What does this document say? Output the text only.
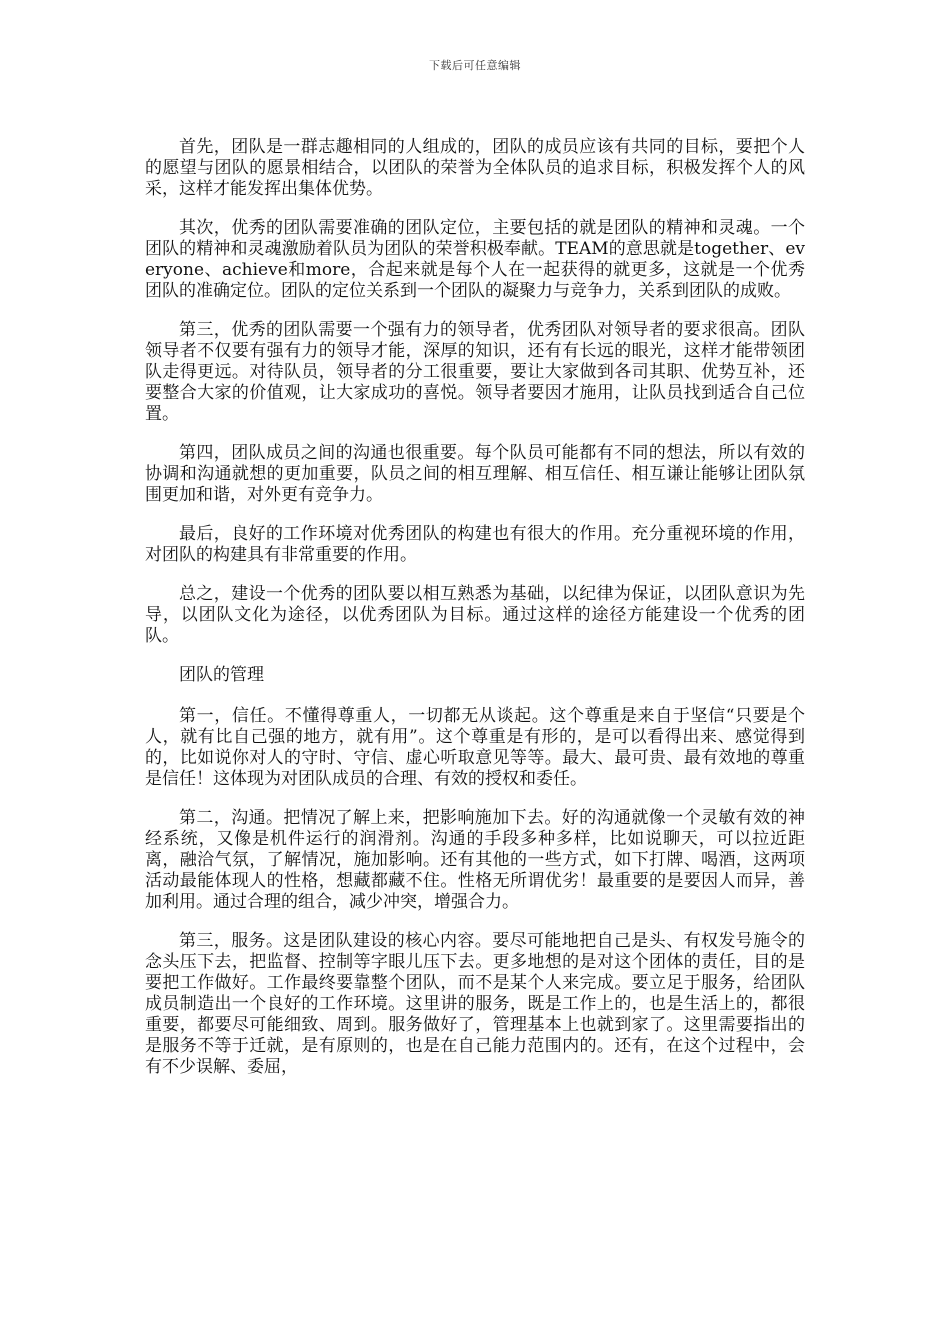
下载后可任意编辑

首先，团队是一群志趣相同的人组成的，团队的成员应该有共同的目标，要把个人的愿望与团队的愿景相结合，以团队的荣誉为全体队员的追求目标，积极发挥个人的风采，这样才能发挥出集体优势。

其次，优秀的团队需要准确的团队定位，主要包括的就是团队的精神和灵魂。一个团队的精神和灵魂激励着队员为团队的荣誉积极奉献。TEAM的意思就是together、everyone、achieve和more，合起来就是每个人在一起获得的就更多，这就是一个优秀团队的准确定位。团队的定位关系到一个团队的凝聚力与竞争力，关系到团队的成败。

第三，优秀的团队需要一个强有力的领导者，优秀团队对领导者的要求很高。团队领导者不仅要有强有力的领导才能，深厚的知识，还有有长远的眼光，这样才能带领团队走得更远。对待队员，领导者的分工很重要，要让大家做到各司其职、优势互补，还要整合大家的价值观，让大家成功的喜悦。领导者要因才施用，让队员找到适合自己位置。

第四，团队成员之间的沟通也很重要。每个队员可能都有不同的想法，所以有效的协调和沟通就想的更加重要，队员之间的相互理解、相互信任、相互谦让能够让团队氛围更加和谐，对外更有竞争力。

最后，良好的工作环境对优秀团队的构建也有很大的作用。充分重视环境的作用，对团队的构建具有非常重要的作用。

总之，建设一个优秀的团队要以相互熟悉为基础，以纪律为保证，以团队意识为先导，以团队文化为途径，以优秀团队为目标。通过这样的途径方能建设一个优秀的团队。

团队的管理

第一，信任。不懂得尊重人，一切都无从谈起。这个尊重是来自于坚信“只要是个人，就有比自己强的地方，就有用”。这个尊重是有形的，是可以看得出来、感觉得到的，比如说你对人的守时、守信、虚心听取意见等等。最大、最可贵、最有效地的尊重是信任！这体现为对团队成员的合理、有效的授权和委任。

第二，沟通。把情况了解上来，把影响施加下去。好的沟通就像一个灵敏有效的神经系统，又像是机件运行的润滑剂。沟通的手段多种多样，比如说聊天，可以拉近距离，融洽气氛，了解情况，施加影响。还有其他的一些方式，如下打牌、喝酒，这两项活动最能体现人的性格，想藏都藏不住。性格无所谓优劣！最重要的是要因人而异，善加利用。通过合理的组合，减少冲突，增强合力。

第三，服务。这是团队建设的核心内容。要尽可能地把自己是头、有权发号施令的念头压下去，把监督、控制等字眼儿压下去。更多地想的是对这个团体的责任，目的是要把工作做好。工作最终要靠整个团队，而不是某个人来完成。要立足于服务，给团队成员制造出一个良好的工作环境。这里讲的服务，既是工作上的，也是生活上的，都很重要，都要尽可能细致、周到。服务做好了，管理基本上也就到家了。这里需要指出的是服务不等于迁就，是有原则的，也是在自己能力范围内的。还有，在这个过程中，会有不少误解、委屈，
